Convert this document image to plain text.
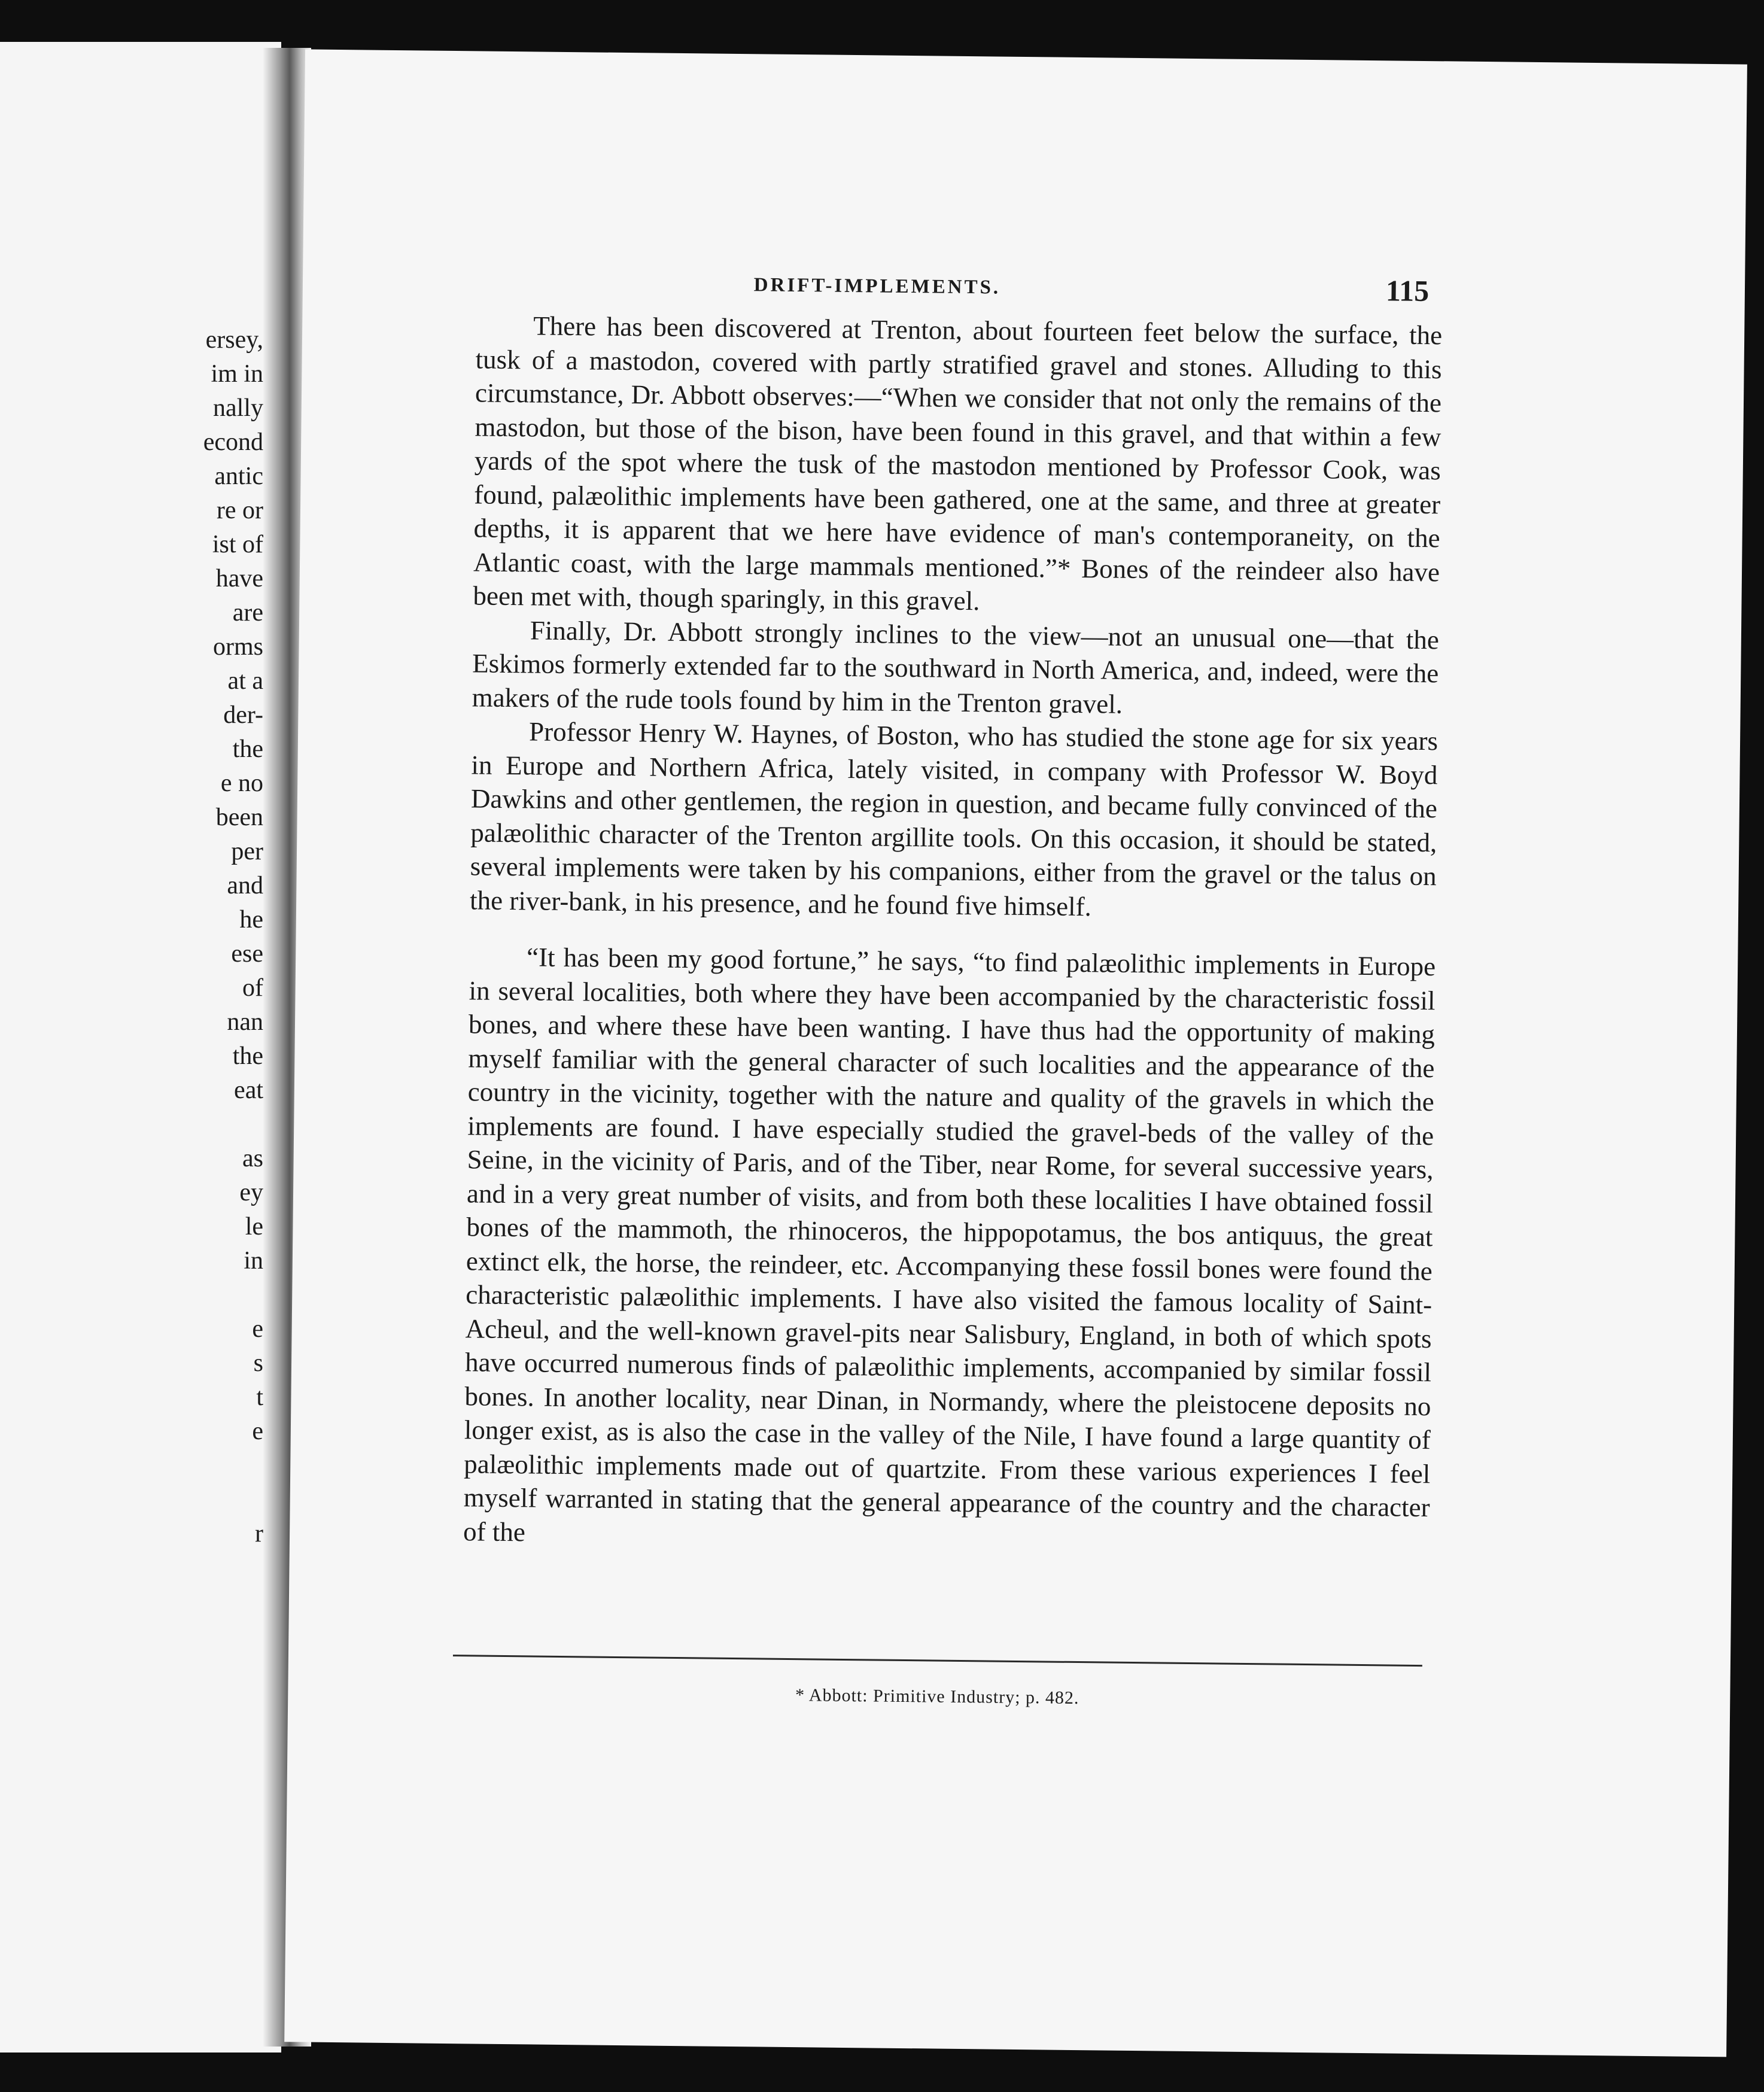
ersey,
im in
nally
econd
antic
re or
ist of
have
are
orms
at a
der-
the
e no
been
per
and
he
ese
of
nan
the
eat
as
ey
le
in
e
s
t
e
r
DRIFT-IMPLEMENTS.	115

There has been discovered at Trenton, about fourteen feet below the surface, the tusk of a mastodon, covered with partly stratified gravel and stones. Alluding to this circumstance, Dr. Abbott observes:—“When we consider that not only the remains of the mastodon, but those of the bison, have been found in this gravel, and that within a few yards of the spot where the tusk of the mastodon mentioned by Professor Cook, was found, palæolithic implements have been gathered, one at the same, and three at greater depths, it is apparent that we here have evidence of man's contemporaneity, on the Atlantic coast, with the large mammals mentioned.”* Bones of the reindeer also have been met with, though sparingly, in this gravel.

Finally, Dr. Abbott strongly inclines to the view—not an unusual one—that the Eskimos formerly extended far to the southward in North America, and, indeed, were the makers of the rude tools found by him in the Trenton gravel.

Professor Henry W. Haynes, of Boston, who has studied the stone age for six years in Europe and Northern Africa, lately visited, in company with Professor W. Boyd Dawkins and other gentlemen, the region in question, and became fully convinced of the palæolithic character of the Trenton argillite tools. On this occasion, it should be stated, several implements were taken by his companions, either from the gravel or the talus on the river-bank, in his presence, and he found five himself.

“It has been my good fortune,” he says, “to find palæolithic implements in Europe in several localities, both where they have been accompanied by the characteristic fossil bones, and where these have been wanting. I have thus had the opportunity of making myself familiar with the general character of such localities and the appearance of the country in the vicinity, together with the nature and quality of the gravels in which the implements are found. I have especially studied the gravel-beds of the valley of the Seine, in the vicinity of Paris, and of the Tiber, near Rome, for several successive years, and in a very great number of visits, and from both these localities I have obtained fossil bones of the mammoth, the rhinoceros, the hippopotamus, the bos antiquus, the great extinct elk, the horse, the reindeer, etc. Accompanying these fossil bones were found the characteristic palæolithic implements. I have also visited the famous locality of Saint-Acheul, and the well-known gravel-pits near Salisbury, England, in both of which spots have occurred numerous finds of palæolithic implements, accompanied by similar fossil bones. In another locality, near Dinan, in Normandy, where the pleistocene deposits no longer exist, as is also the case in the valley of the Nile, I have found a large quantity of palæolithic implements made out of quartzite. From these various experiences I feel myself warranted in stating that the general appearance of the country and the character of the

* Abbott: Primitive Industry; p. 482.
